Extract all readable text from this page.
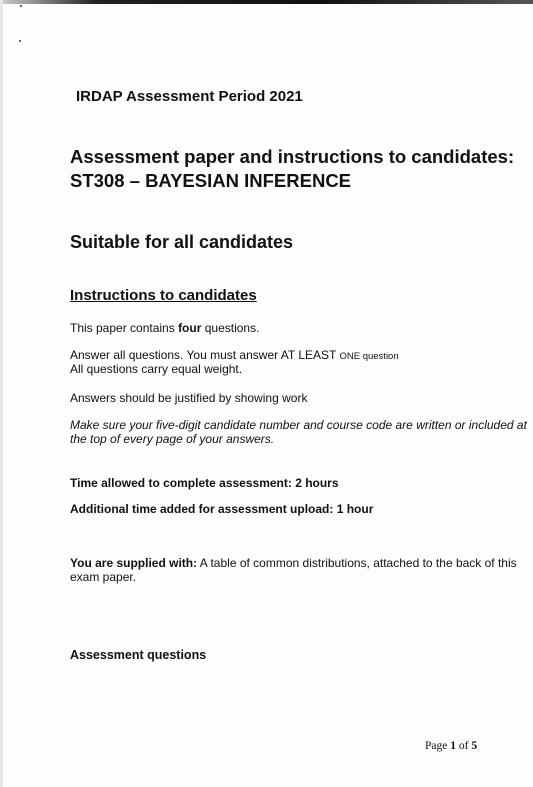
IRDAP Assessment Period 2021
Assessment paper and instructions to candidates:
ST308 – BAYESIAN INFERENCE
Suitable for all candidates
Instructions to candidates
This paper contains four questions.
Answer all questions. You must answer AT LEAST ONE question
All questions carry equal weight.
Answers should be justified by showing work
Make sure your five-digit candidate number and course code are written or included at
the top of every page of your answers.
Time allowed to complete assessment: 2 hours
Additional time added for assessment upload: 1 hour
You are supplied with: A table of common distributions, attached to the back of this
exam paper.
Assessment questions
Page 1 of 5
